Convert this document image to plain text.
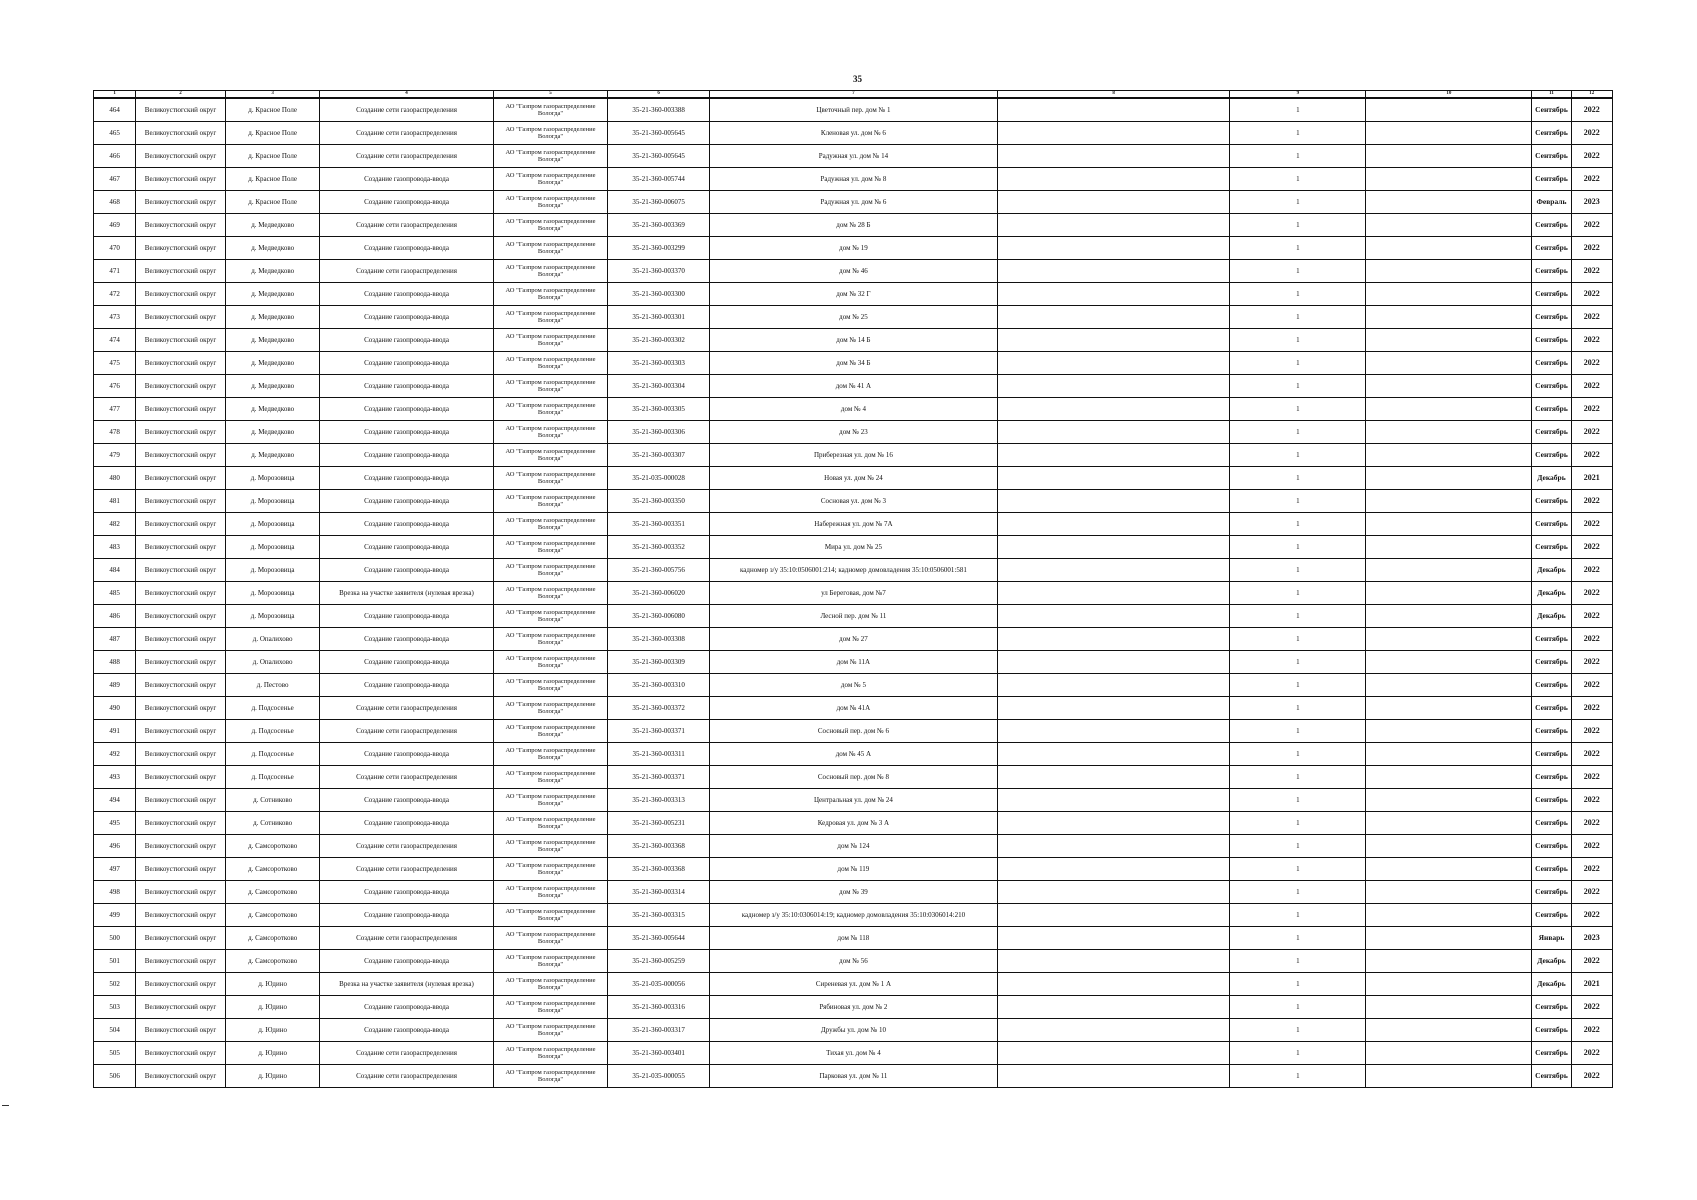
35
1	2	3	4	5	6	7	8	9	10	11	12
464	Великоустюгский округ	д. Красное Поле	Создание сети газораспределения	АО "Газпром газораспределение Вологда"	35-21-360-003388	Цветочный пер. дом № 1		1		Сентябрь	2022
465	Великоустюгский округ	д. Красное Поле	Создание сети газораспределения	АО "Газпром газораспределение Вологда"	35-21-360-005645	Кленовая ул. дом № 6		1		Сентябрь	2022
466	Великоустюгский округ	д. Красное Поле	Создание сети газораспределения	АО "Газпром газораспределение Вологда"	35-21-360-005645	Радужная ул. дом № 14		1		Сентябрь	2022
467	Великоустюгский округ	д. Красное Поле	Создание газопровода-ввода	АО "Газпром газораспределение Вологда"	35-21-360-005744	Радужная ул. дом № 8		1		Сентябрь	2022
468	Великоустюгский округ	д. Красное Поле	Создание газопровода-ввода	АО "Газпром газораспределение Вологда"	35-21-360-006075	Радужная ул. дом № 6		1		Февраль	2023
469	Великоустюгский округ	д. Медведково	Создание сети газораспределения	АО "Газпром газораспределение Вологда"	35-21-360-003369	дом № 28 Б		1		Сентябрь	2022
470	Великоустюгский округ	д. Медведково	Создание газопровода-ввода	АО "Газпром газораспределение Вологда"	35-21-360-003299	дом № 19		1		Сентябрь	2022
471	Великоустюгский округ	д. Медведково	Создание сети газораспределения	АО "Газпром газораспределение Вологда"	35-21-360-003370	дом № 46		1		Сентябрь	2022
472	Великоустюгский округ	д. Медведково	Создание газопровода-ввода	АО "Газпром газораспределение Вологда"	35-21-360-003300	дом № 32 Г		1		Сентябрь	2022
473	Великоустюгский округ	д. Медведково	Создание газопровода-ввода	АО "Газпром газораспределение Вологда"	35-21-360-003301	дом № 25		1		Сентябрь	2022
474	Великоустюгский округ	д. Медведково	Создание газопровода-ввода	АО "Газпром газораспределение Вологда"	35-21-360-003302	дом № 14 Б		1		Сентябрь	2022
475	Великоустюгский округ	д. Медведково	Создание газопровода-ввода	АО "Газпром газораспределение Вологда"	35-21-360-003303	дом № 34 Б		1		Сентябрь	2022
476	Великоустюгский округ	д. Медведково	Создание газопровода-ввода	АО "Газпром газораспределение Вологда"	35-21-360-003304	дом № 41 А		1		Сентябрь	2022
477	Великоустюгский округ	д. Медведково	Создание газопровода-ввода	АО "Газпром газораспределение Вологда"	35-21-360-003305	дом № 4		1		Сентябрь	2022
478	Великоустюгский округ	д. Медведково	Создание газопровода-ввода	АО "Газпром газораспределение Вологда"	35-21-360-003306	дом № 23		1		Сентябрь	2022
479	Великоустюгский округ	д. Медведково	Создание газопровода-ввода	АО "Газпром газораспределение Вологда"	35-21-360-003307	Приберезная ул. дом № 16		1		Сентябрь	2022
480	Великоустюгский округ	д. Морозовица	Создание газопровода-ввода	АО "Газпром газораспределение Вологда"	35-21-035-000028	Новая ул. дом № 24		1		Декабрь	2021
481	Великоустюгский округ	д. Морозовица	Создание газопровода-ввода	АО "Газпром газораспределение Вологда"	35-21-360-003350	Сосновая ул. дом № 3		1		Сентябрь	2022
482	Великоустюгский округ	д. Морозовица	Создание газопровода-ввода	АО "Газпром газораспределение Вологда"	35-21-360-003351	Набережная ул. дом № 7А		1		Сентябрь	2022
483	Великоустюгский округ	д. Морозовица	Создание газопровода-ввода	АО "Газпром газораспределение Вологда"	35-21-360-003352	Мира ул. дом № 25		1		Сентябрь	2022
484	Великоустюгский округ	д. Морозовица	Создание газопровода-ввода	АО "Газпром газораспределение Вологда"	35-21-360-005756	кадномер з/у 35:10:0506001:214; кадномер домовладения 35:10:0506001:581		1		Декабрь	2022
485	Великоустюгский округ	д. Морозовица	Врезка на участке заявителя (нулевая врезка)	АО "Газпром газораспределение Вологда"	35-21-360-006020	ул Береговая, дом №7		1		Декабрь	2022
486	Великоустюгский округ	д. Морозовица	Создание газопровода-ввода	АО "Газпром газораспределение Вологда"	35-21-360-006080	Лесной пер. дом № 11		1		Декабрь	2022
487	Великоустюгский округ	д. Опалихово	Создание газопровода-ввода	АО "Газпром газораспределение Вологда"	35-21-360-003308	дом № 27		1		Сентябрь	2022
488	Великоустюгский округ	д. Опалихово	Создание газопровода-ввода	АО "Газпром газораспределение Вологда"	35-21-360-003309	дом № 11А		1		Сентябрь	2022
489	Великоустюгский округ	д. Пестово	Создание газопровода-ввода	АО "Газпром газораспределение Вологда"	35-21-360-003310	дом № 5		1		Сентябрь	2022
490	Великоустюгский округ	д. Подсосенье	Создание сети газораспределения	АО "Газпром газораспределение Вологда"	35-21-360-003372	дом № 41А		1		Сентябрь	2022
491	Великоустюгский округ	д. Подсосенье	Создание сети газораспределения	АО "Газпром газораспределение Вологда"	35-21-360-003371	Сосновый пер. дом № 6		1		Сентябрь	2022
492	Великоустюгский округ	д. Подсосенье	Создание газопровода-ввода	АО "Газпром газораспределение Вологда"	35-21-360-003311	дом № 45 А		1		Сентябрь	2022
493	Великоустюгский округ	д. Подсосенье	Создание сети газораспределения	АО "Газпром газораспределение Вологда"	35-21-360-003371	Сосновый пер. дом № 8		1		Сентябрь	2022
494	Великоустюгский округ	д. Сотниково	Создание газопровода-ввода	АО "Газпром газораспределение Вологда"	35-21-360-003313	Центральная ул. дом № 24		1		Сентябрь	2022
495	Великоустюгский округ	д. Сотниково	Создание газопровода-ввода	АО "Газпром газораспределение Вологда"	35-21-360-005231	Кедровая ул. дом № 3 А		1		Сентябрь	2022
496	Великоустюгский округ	д. Самсоротково	Создание сети газораспределения	АО "Газпром газораспределение Вологда"	35-21-360-003368	дом № 124		1		Сентябрь	2022
497	Великоустюгский округ	д. Самсоротково	Создание сети газораспределения	АО "Газпром газораспределение Вологда"	35-21-360-003368	дом № 119		1		Сентябрь	2022
498	Великоустюгский округ	д. Самсоротково	Создание газопровода-ввода	АО "Газпром газораспределение Вологда"	35-21-360-003314	дом № 39		1		Сентябрь	2022
499	Великоустюгский округ	д. Самсоротково	Создание газопровода-ввода	АО "Газпром газораспределение Вологда"	35-21-360-003315	кадномер з/у 35:10:0306014:19; кадномер домовладения 35:10:0306014:210		1		Сентябрь	2022
500	Великоустюгский округ	д. Самсоротково	Создание сети газораспределения	АО "Газпром газораспределение Вологда"	35-21-360-005644	дом № 118		1		Январь	2023
501	Великоустюгский округ	д. Самсоротково	Создание газопровода-ввода	АО "Газпром газораспределение Вологда"	35-21-360-005259	дом № 56		1		Декабрь	2022
502	Великоустюгский округ	д. Юдино	Врезка на участке заявителя (нулевая врезка)	АО "Газпром газораспределение Вологда"	35-21-035-000056	Сиреневая ул. дом № 1 А		1		Декабрь	2021
503	Великоустюгский округ	д. Юдино	Создание газопровода-ввода	АО "Газпром газораспределение Вологда"	35-21-360-003316	Рябиновая ул. дом № 2		1		Сентябрь	2022
504	Великоустюгский округ	д. Юдино	Создание газопровода-ввода	АО "Газпром газораспределение Вологда"	35-21-360-003317	Дружбы ул. дом № 10		1		Сентябрь	2022
505	Великоустюгский округ	д. Юдино	Создание сети газораспределения	АО "Газпром газораспределение Вологда"	35-21-360-003401	Тихая ул. дом № 4		1		Сентябрь	2022
506	Великоустюгский округ	д. Юдино	Создание сети газораспределения	АО "Газпром газораспределение Вологда"	35-21-035-000055	Парковая ул. дом № 11		1		Сентябрь	2022
